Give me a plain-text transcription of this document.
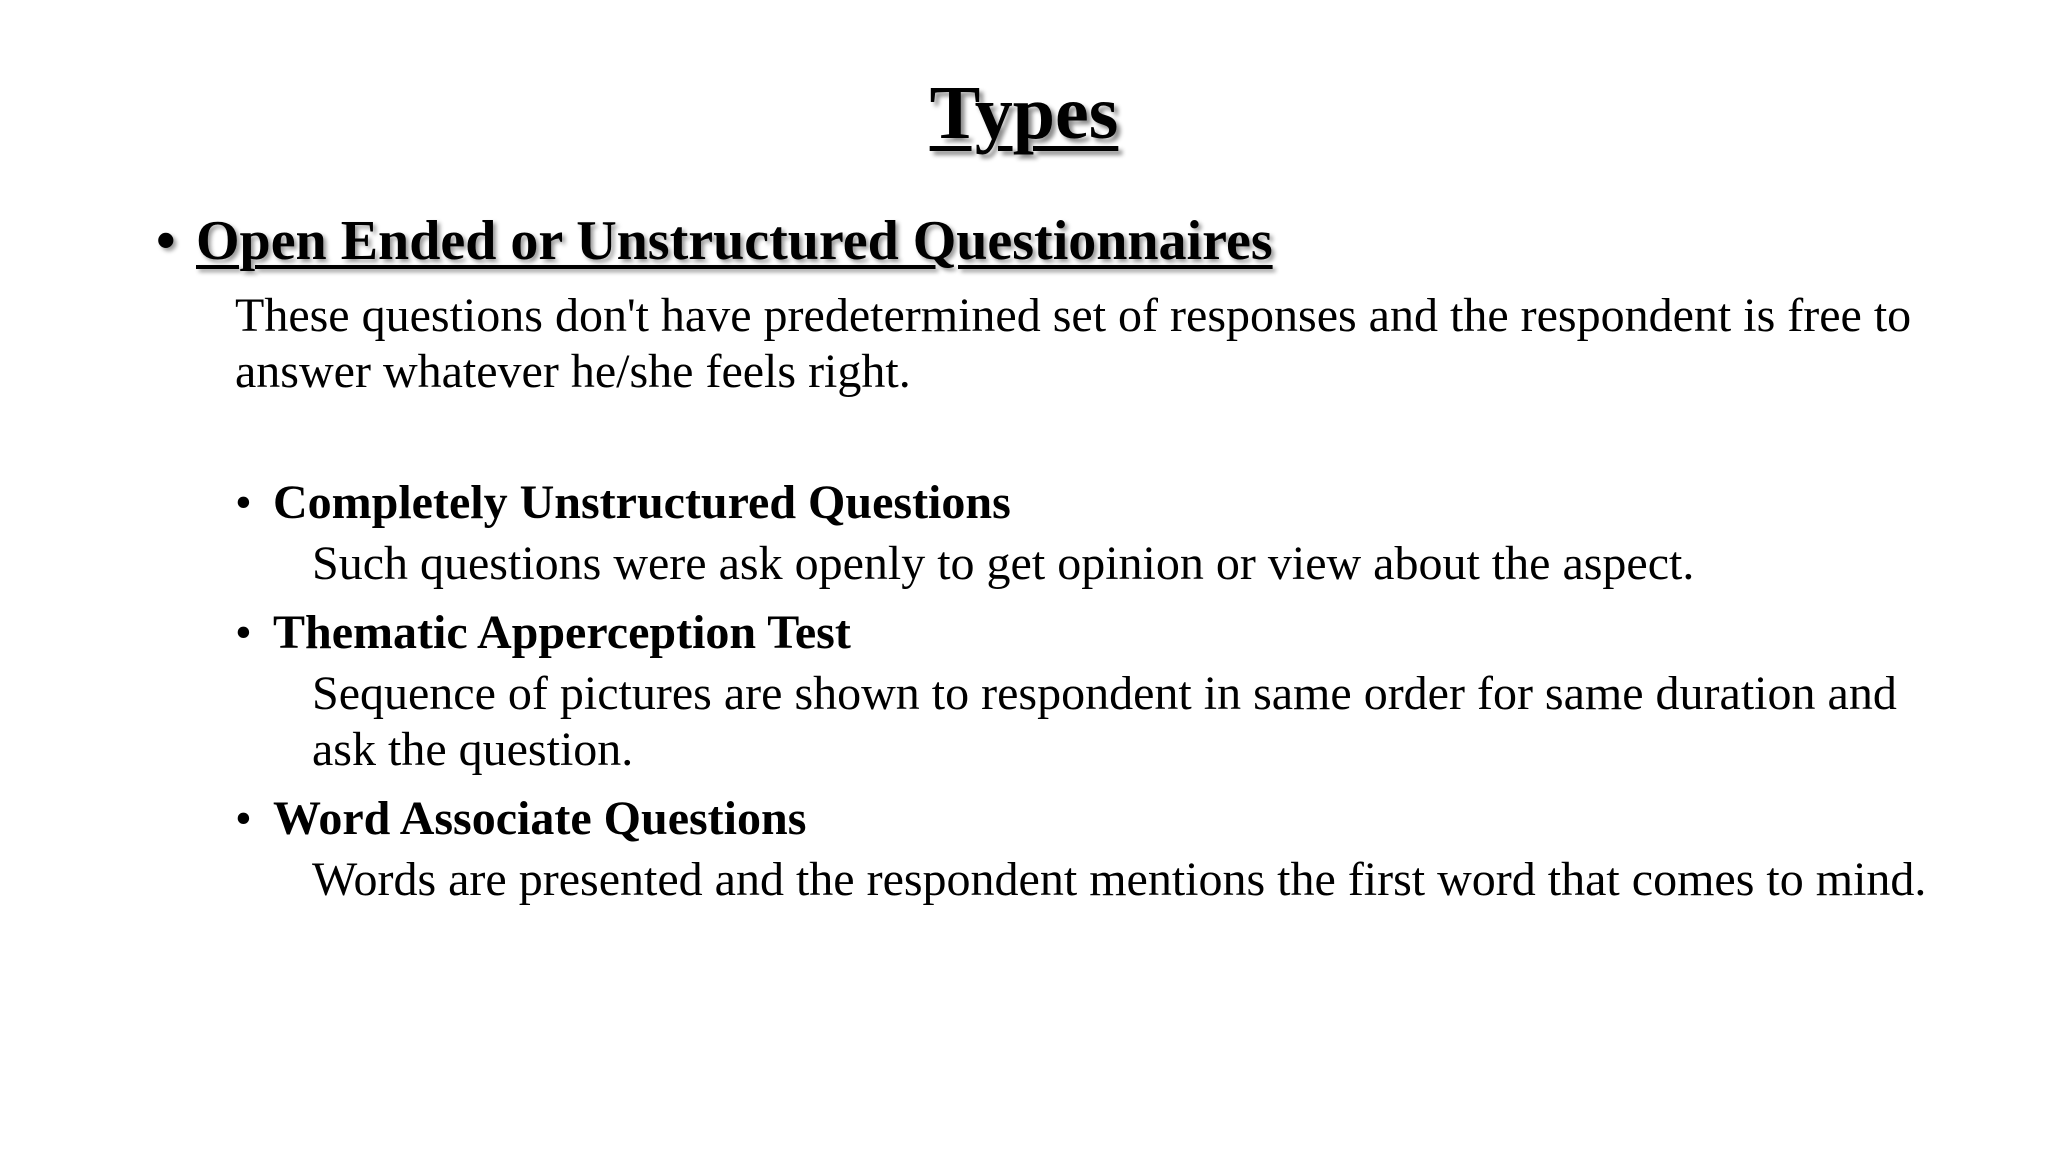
Types
• Open Ended or Unstructured Questionnaires
These questions don't have predetermined set of responses and the respondent is free to answer whatever he/she feels right.
• Completely Unstructured Questions
Such questions were ask openly to get opinion or view about the aspect.
• Thematic Apperception Test
Sequence of pictures are shown to respondent in same order for same duration and ask the question.
• Word Associate Questions
Words are presented and the respondent mentions the first word that comes to mind.
